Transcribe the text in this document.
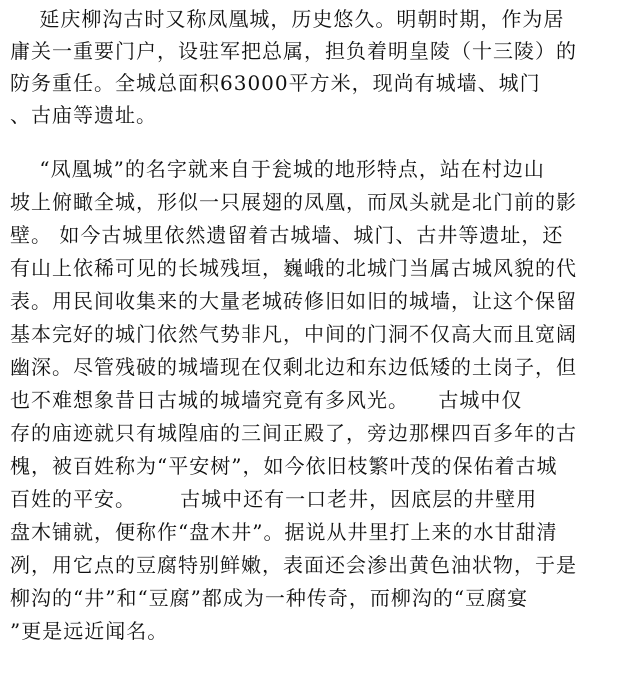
延庆柳沟古时又称凤凰城，历史悠久。明朝时期，作为居
庸关一重要门户，设驻军把总属，担负着明皇陵（十三陵）的
防务重任。全城总面积63000平方米，现尚有城墙、城门
、古庙等遗址。
“凤凰城”的名字就来自于瓮城的地形特点，站在村边山
坡上俯瞰全城，形似一只展翅的凤凰，而凤头就是北门前的影
壁。 如今古城里依然遗留着古城墙、城门、古井等遗址，还
有山上依稀可见的长城残垣，巍峨的北城门当属古城风貌的代
表。用民间收集来的大量老城砖修旧如旧的城墙，让这个保留
基本完好的城门依然气势非凡，中间的门洞不仅高大而且宽阔
幽深。尽管残破的城墙现在仅剩北边和东边低矮的土岗子，但
也不难想象昔日古城的城墙究竟有多风光。    古城中仅
存的庙迹就只有城隍庙的三间正殿了，旁边那棵四百多年的古
槐，被百姓称为“平安树”，如今依旧枝繁叶茂的保佑着古城
百姓的平安。      古城中还有一口老井，因底层的井壁用
盘木铺就，便称作“盘木井”。据说从井里打上来的水甘甜清
冽，用它点的豆腐特别鲜嫩，表面还会渗出黄色油状物，于是
柳沟的“井”和“豆腐”都成为一种传奇，而柳沟的“豆腐宴
”更是远近闻名。
